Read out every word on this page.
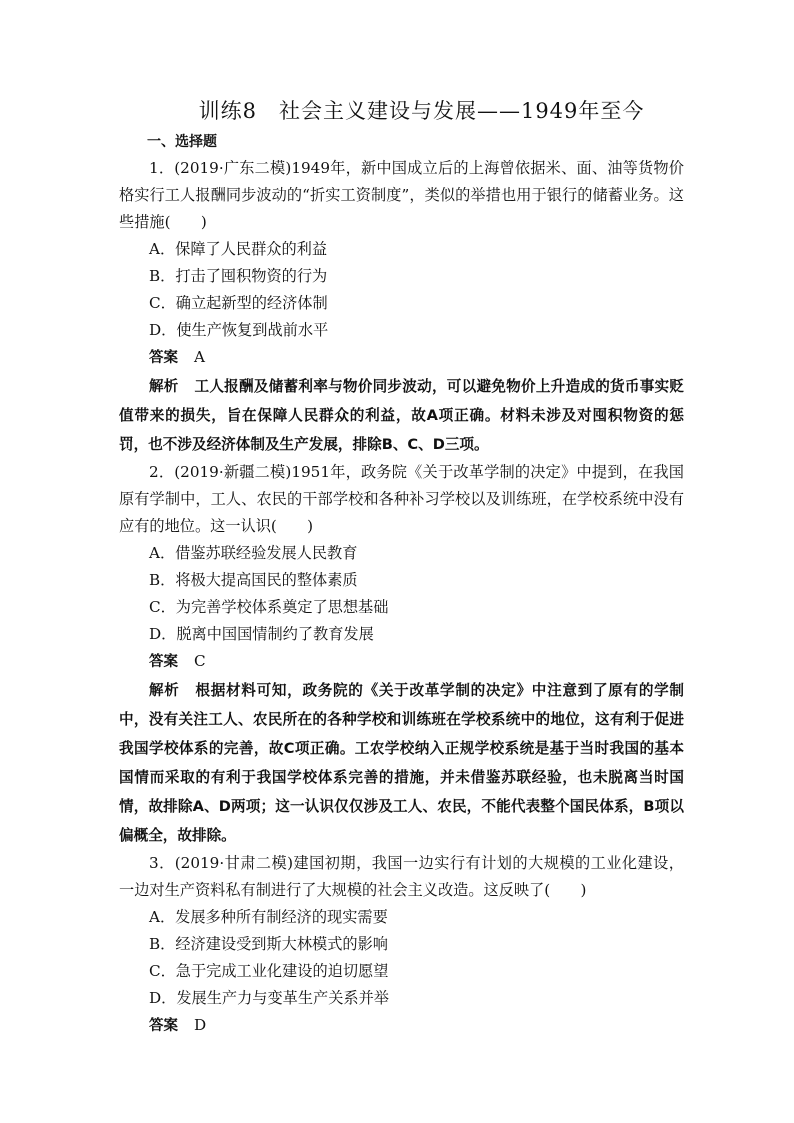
训练8　社会主义建设与发展——1949年至今
一、选择题

1．(2019·广东二模)1949年，新中国成立后的上海曾依据米、面、油等货物价格实行工人报酬同步波动的“折实工资制度”，类似的举措也用于银行的储蓄业务。这些措施(　　)

A．保障了人民群众的利益

B．打击了囤积物资的行为

C．确立起新型的经济体制

D．使生产恢复到战前水平

答案 A

解析 工人报酬及储蓄利率与物价同步波动，可以避免物价上升造成的货币事实贬值带来的损失，旨在保障人民群众的利益，故A项正确。材料未涉及对囤积物资的惩罚，也不涉及经济体制及生产发展，排除B、C、D三项。

2．(2019·新疆二模)1951年，政务院《关于改革学制的决定》中提到，在我国原有学制中，工人、农民的干部学校和各种补习学校以及训练班，在学校系统中没有应有的地位。这一认识(　　)

A．借鉴苏联经验发展人民教育

B．将极大提高国民的整体素质

C．为完善学校体系奠定了思想基础

D．脱离中国国情制约了教育发展

答案 C

解析 根据材料可知，政务院的《关于改革学制的决定》中注意到了原有的学制中，没有关注工人、农民所在的各种学校和训练班在学校系统中的地位，这有利于促进我国学校体系的完善，故C项正确。工农学校纳入正规学校系统是基于当时我国的基本国情而采取的有利于我国学校体系完善的措施，并未借鉴苏联经验，也未脱离当时国情，故排除A、D两项；这一认识仅仅涉及工人、农民，不能代表整个国民体系，B项以偏概全，故排除。

3．(2019·甘肃二模)建国初期，我国一边实行有计划的大规模的工业化建设，一边对生产资料私有制进行了大规模的社会主义改造。这反映了(　　)

A．发展多种所有制经济的现实需要

B．经济建设受到斯大林模式的影响

C．急于完成工业化建设的迫切愿望

D．发展生产力与变革生产关系并举

答案 D
